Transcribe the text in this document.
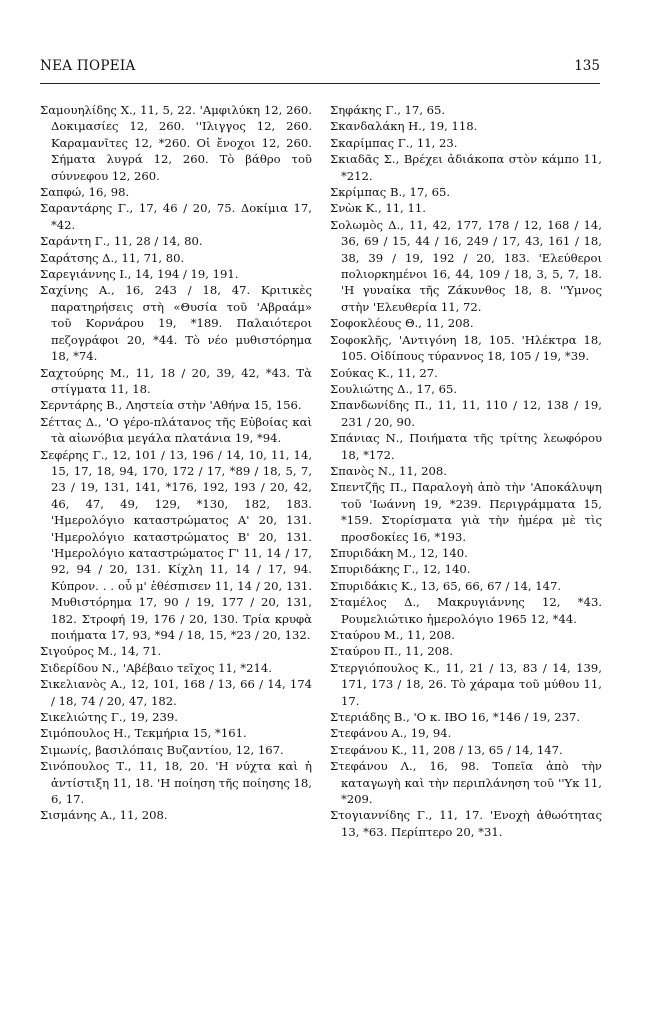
ΝΕΑ ΠΟΡΕΙΑ	135

Σαμουηλίδης Χ., 11, 5, 22. 'Αμφιλύκη 12, 260. Δοκιμασίες 12, 260. ''Ιλιγγος 12, 260. Καραμανῖτες 12, *260. Οἱ ἔνοχοι 12, 260. Σήματα λυγρά 12, 260. Τὸ βάθρο τοῦ σύννεφου 12, 260.

Σαπφώ, 16, 98.

Σαραντάρης Γ., 17, 46 / 20, 75. Δοκίμια 17, *42.

Σαράντη Γ., 11, 28 / 14, 80.

Σαράτσης Δ., 11, 71, 80.

Σαρεγιάννης Ι., 14, 194 / 19, 191.

Σαχίνης Α., 16, 243 / 18, 47. Κριτικὲς παρατηρήσεις στὴ «Θυσία τοῦ 'Αβραάμ» τοῦ Κορνάρου 19, *189. Παλαιότεροι πεζογράφοι 20, *44. Τὸ νέο μυθιστόρημα 18, *74.

Σαχτούρης Μ., 11, 18 / 20, 39, 42, *43. Τὰ στίγματα 11, 18.

Σερντάρης Β., Ληστεία στὴν 'Αθήνα 15, 156.

Σέττας Δ., 'Ο γέρο-πλάτανος τῆς Εὐβοίας καὶ τὰ αἰωνόβια μεγάλα πλατάνια 19, *94.

Σεφέρης Γ., 12, 101 / 13, 196 / 14, 10, 11, 14, 15, 17, 18, 94, 170, 172 / 17, *89 / 18, 5, 7, 23 / 19, 131, 141, *176, 192, 193 / 20, 42, 46, 47, 49, 129, *130, 182, 183. 'Ημερολόγιο καταστρώματος Α' 20, 131. 'Ημερολόγιο καταστρώματος Β' 20, 131. 'Ημερολόγιο καταστρώματος Γ' 11, 14 / 17, 92, 94 / 20, 131. Κίχλη 11, 14 / 17, 94. Κύπρον. . . οὗ μ' ἐθέσπισεν 11, 14 / 20, 131. Μυθιστόρημα 17, 90 / 19, 177 / 20, 131, 182. Στροφή 19, 176 / 20, 130. Τρία κρυφὰ ποιήματα 17, 93, *94 / 18, 15, *23 / 20, 132.

Σιγούρος Μ., 14, 71.

Σιδερίδου Ν., 'Αβέβαιο τεῖχος 11, *214.

Σικελιανὸς Α., 12, 101, 168 / 13, 66 / 14, 174 / 18, 74 / 20, 47, 182.

Σικελιώτης Γ., 19, 239.

Σιμόπουλος Η., Τεκμήρια 15, *161.

Σιμωνίς, βασιλόπαις Βυζαντίου, 12, 167.

Σινόπουλος Τ., 11, 18, 20. 'Η νύχτα καὶ ἡ ἀντίστιξη 11, 18. 'Η ποίηση τῆς ποίησης 18, 6, 17.

Σισμάνης Α., 11, 208.

Σηφάκης Γ., 17, 65.

Σκανδαλάκη Η., 19, 118.

Σκαρίμπας Γ., 11, 23.

Σκιαδᾶς Σ., Βρέχει ἀδιάκοπα στὸν κάμπο 11, *212.

Σκρίμπας Β., 17, 65.

Σνὼκ Κ., 11, 11.

Σολωμὸς Δ., 11, 42, 177, 178 / 12, 168 / 14, 36, 69 / 15, 44 / 16, 249 / 17, 43, 161 / 18, 38, 39 / 19, 192 / 20, 183. 'Ελεύθεροι πολιορκημένοι 16, 44, 109 / 18, 3, 5, 7, 18. 'Η γυναίκα τῆς Ζάκυνθος 18, 8. ''Υμνος στὴν 'Ελευθερία 11, 72.

Σοφοκλέους Θ., 11, 208.

Σοφοκλῆς, 'Αντιγόνη 18, 105. 'Ηλέκτρα 18, 105. Οἰδίπους τύραννος 18, 105 / 19, *39.

Σούκας Κ., 11, 27.

Σουλιώτης Δ., 17, 65.

Σπανδωνίδης Π., 11, 11, 110 / 12, 138 / 19, 231 / 20, 90.

Σπάνιας Ν., Ποιήματα τῆς τρίτης λεωφόρου 18, *172.

Σπανὸς Ν., 11, 208.

Σπεντζῆς Π., Παραλογὴ ἀπὸ τὴν 'Αποκάλυψη τοῦ 'Ιωάννη 19, *239. Περιγράμματα 15, *159. Στορίσματα γιὰ τὴν ἡμέρα μὲ τὶς προσδοκίες 16, *193.

Σπυριδάκη Μ., 12, 140.

Σπυριδάκης Γ., 12, 140.

Σπυριδάκις Κ., 13, 65, 66, 67 / 14, 147.

Σταμέλος Δ., Μακρυγιάννης 12, *43. Ρουμελιώτικο ἡμερολόγιο 1965 12, *44.

Σταύρου Μ., 11, 208.

Σταύρου Π., 11, 208.

Στεργιόπουλος Κ., 11, 21 / 13, 83 / 14, 139, 171, 173 / 18, 26. Τὸ χάραμα τοῦ μύθου 11, 17.

Στεριάδης Β., 'Ο κ. ΙΒΟ 16, *146 / 19, 237.

Στεφάνου Α., 19, 94.

Στεφάνου Κ., 11, 208 / 13, 65 / 14, 147.

Στεφάνου Λ., 16, 98. Τοπεῖα ἀπὸ τὴν καταγωγὴ καὶ τὴν περιπλάνηση τοῦ ''Υκ 11, *209.

Στογιαννίδης Γ., 11, 17. 'Ενοχὴ ἀθωότητας 13, *63. Περίπτερο 20, *31.
